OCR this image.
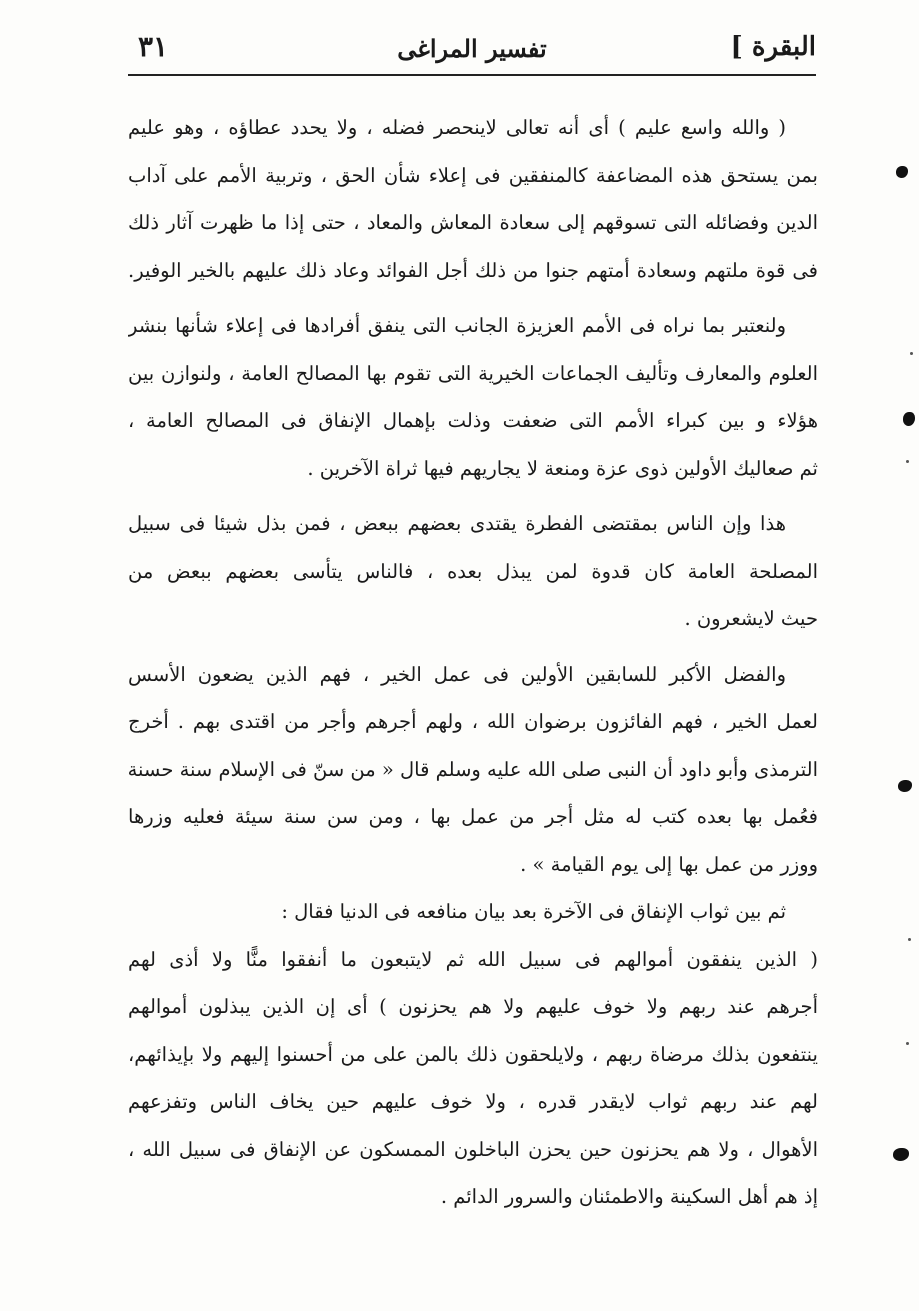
البقرة ]
تفسير المراغى
٣١
( والله واسع عليم ) أى أنه تعالى لاينحصر فضله ، ولا يحدد عطاؤه ، وهو عليم
بمن يستحق هذه المضاعفة كالمنفقين فى إعلاء شأن الحق ، وتربية الأمم على آداب
الدين وفضائله التى تسوقهم إلى سعادة المعاش والمعاد ، حتى إذا ما ظهرت آثار ذلك
فى قوة ملتهم وسعادة أمتهم جنوا من ذلك أجل الفوائد وعاد ذلك عليهم بالخير الوفير.
ولنعتبر بما نراه فى الأمم العزيزة الجانب التى ينفق أفرادها فى إعلاء شأنها بنشر
العلوم والمعارف وتأليف الجماعات الخيرية التى تقوم بها المصالح العامة ، ولنوازن بين
هؤلاء و بين كبراء الأمم التى ضعفت وذلت بإهمال الإنفاق فى المصالح العامة ،
ثم صعاليك الأولين ذوى عزة ومنعة لا يجاريهم فيها ثراة الآخرين .
هذا وإن الناس بمقتضى الفطرة يقتدى بعضهم ببعض ، فمن بذل شيئا فى سبيل
المصلحة العامة كان قدوة لمن يبذل بعده ، فالناس يتأسى بعضهم ببعض من
حيث لايشعرون .
والفضل الأكبر للسابقين الأولين فى عمل الخير ، فهم الذين يضعون الأسس
لعمل الخير ، فهم الفائزون برضوان الله ، ولهم أجرهم وأجر من اقتدى بهم . أخرج
الترمذى وأبو داود أن النبى صلى الله عليه وسلم قال « من سنّ فى الإسلام سنة حسنة
فعُمل بها بعده كتب له مثل أجر من عمل بها ، ومن سن سنة سيئة فعليه وزرها
ووزر من عمل بها إلى يوم القيامة » .
ثم بين ثواب الإنفاق فى الآخرة بعد بيان منافعه فى الدنيا فقال :
( الذين ينفقون أموالهم فى سبيل الله ثم لايتبعون ما أنفقوا منًّا ولا أذى لهم
أجرهم عند ربهم ولا خوف عليهم ولا هم يحزنون ) أى إن الذين يبذلون أموالهم
ينتفعون بذلك مرضاة ربهم ، ولايلحقون ذلك بالمن على من أحسنوا إليهم ولا بإيذائهم،
لهم عند ربهم ثواب لايقدر قدره ، ولا خوف عليهم حين يخاف الناس وتفزعهم
الأهوال ، ولا هم يحزنون حين يحزن الباخلون الممسكون عن الإنفاق فى سبيل الله ،
إذ هم أهل السكينة والاطمئنان والسرور الدائم .
